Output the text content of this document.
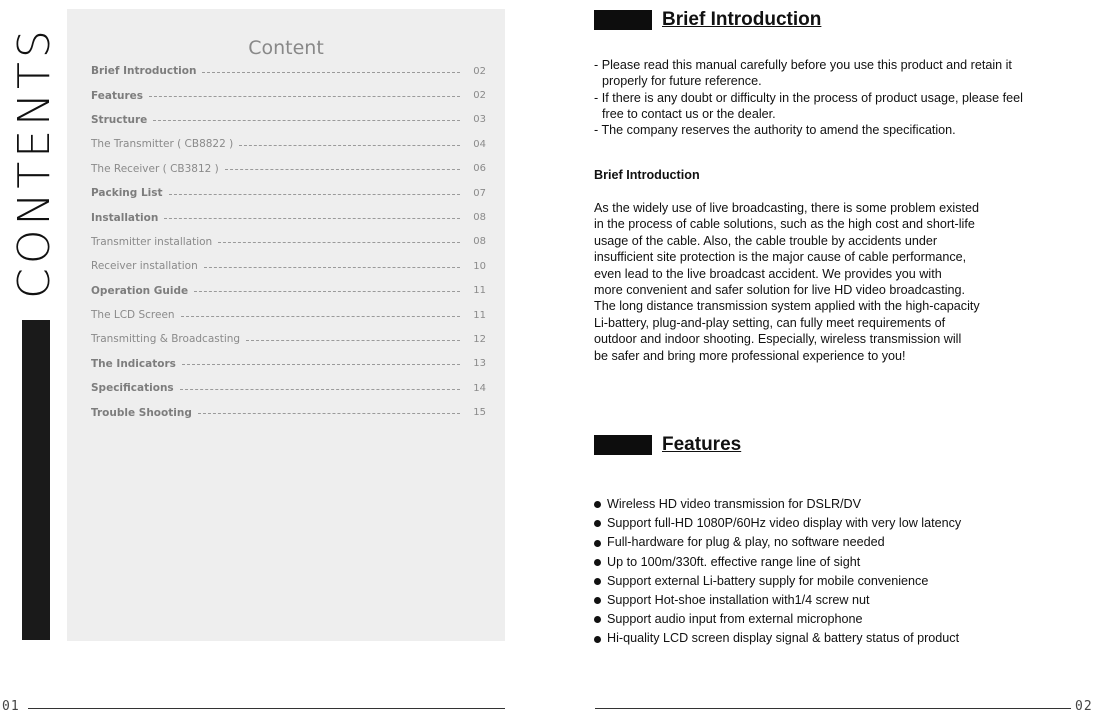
CONTENTS	Content
Brief Introduction	02
Features	02
Structure	03
The Transmitter ( CB8822 )	04
The Receiver ( CB3812 )	06
Packing List	07
Installation	08
Transmitter installation	08
Receiver installation	10
Operation Guide	11
The LCD Screen	11
Transmitting & Broadcasting	12
The Indicators	13
Specifications	14
Trouble Shooting	15
01
Brief Introduction
- Please read this manual carefully before you use this product and retain it properly for future reference.
- If there is any doubt or difficulty in the process of product usage, please feel free to contact us or the dealer.
- The company reserves the authority to amend the specification.
Brief Introduction
As the widely use of live broadcasting, there is some problem existed
in the process of cable solutions, such as the high cost and short-life
usage of the cable. Also, the cable trouble by accidents under
insufficient site protection is the major cause of cable performance,
even lead to the live broadcast accident. We provides you with
more convenient and safer solution for live HD video broadcasting.
The long distance transmission system applied with the high-capacity
Li-battery, plug-and-play setting, can fully meet requirements of
outdoor and indoor shooting. Especially, wireless transmission will
be safer and bring more professional experience to you!
Features
Wireless HD video transmission for DSLR/DV
Support full-HD 1080P/60Hz video display with very low latency
Full-hardware for plug & play, no software needed
Up to 100m/330ft. effective range line of sight
Support external Li-battery supply for mobile convenience
Support Hot-shoe installation with1/4 screw nut
Support audio input from external microphone
Hi-quality LCD screen display signal & battery status of product
02
